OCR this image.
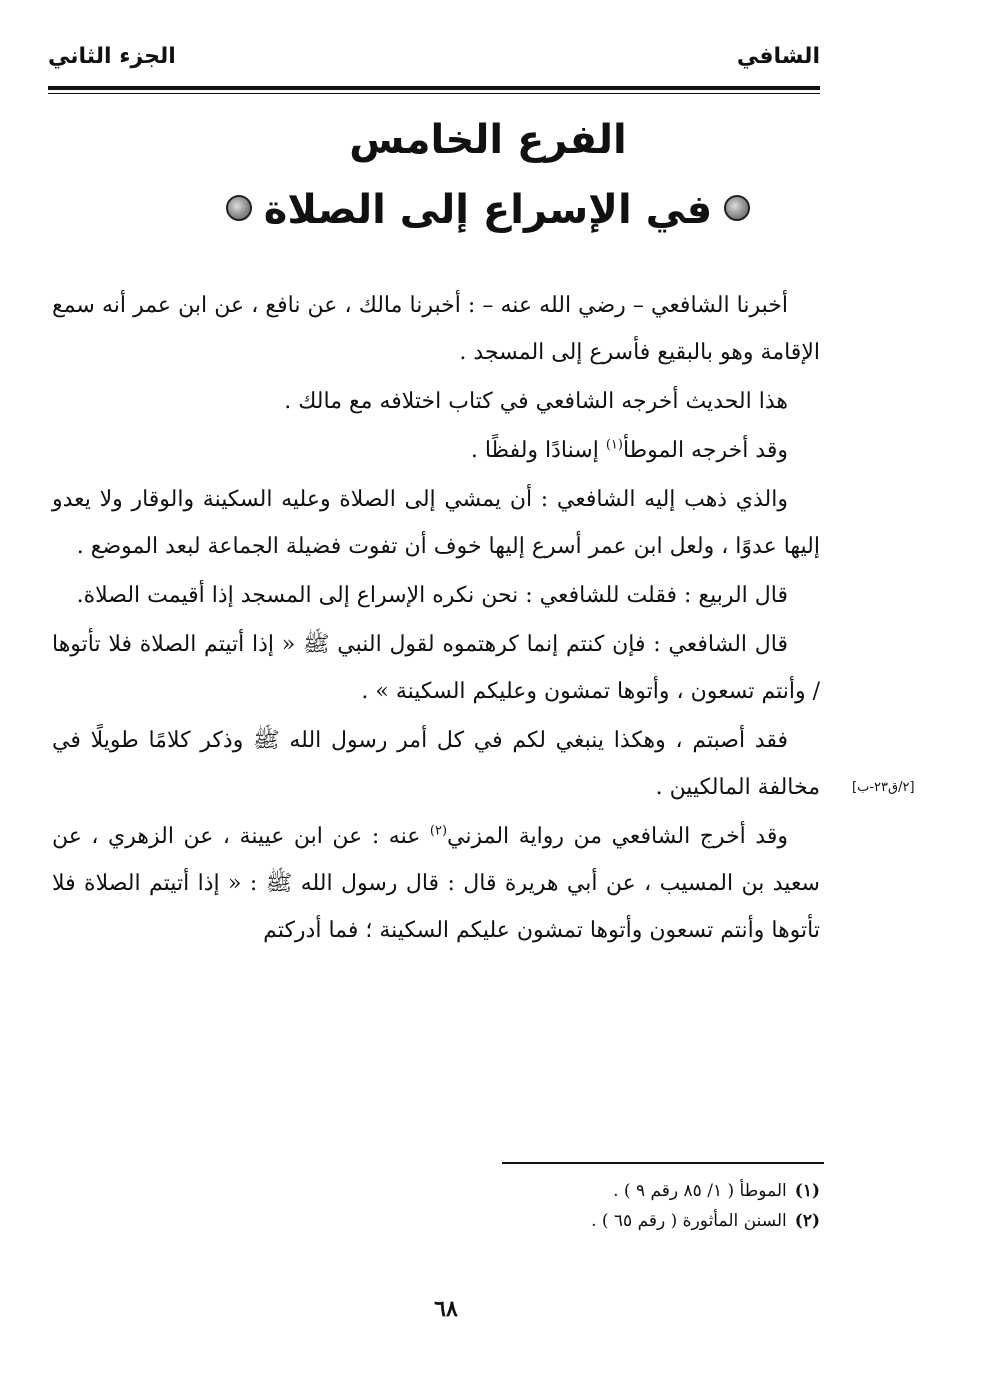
الشافي
الجزء الثاني
الفرع الخامس
في الإسراع إلى الصلاة

أخبرنا الشافعي – رضي الله عنه – : أخبرنا مالك ، عن نافع ، عن ابن عمر أنه سمع الإقامة وهو بالبقيع فأسرع إلى المسجد .

هذا الحديث أخرجه الشافعي في كتاب اختلافه مع مالك .

وقد أخرجه الموطأ$^{(١)}$ إسنادًا ولفظًا .

والذي ذهب إليه الشافعي : أن يمشي إلى الصلاة وعليه السكينة والوقار ولا يعدو إليها عدوًا ، ولعل ابن عمر أسرع إليها خوف أن تفوت فضيلة الجماعة لبعد الموضع .

قال الربيع : فقلت للشافعي : نحن نكره الإسراع إلى المسجد إذا أقيمت الصلاة.

قال الشافعي : فإن كنتم إنما كرهتموه لقول النبي ﷺ « إذا أتيتم الصلاة فلا تأتوها / وأنتم تسعون ، وأتوها تمشون وعليكم السكينة » .

فقد أصبتم ، وهكذا ينبغي لكم في كل أمر رسول الله ﷺ وذكر كلامًا طويلًا في مخالفة المالكيين .

وقد أخرج الشافعي من رواية المزني$^{(٢)}$ عنه : عن ابن عيينة ، عن الزهري ، عن سعيد بن المسيب ، عن أبي هريرة قال : قال رسول الله ﷺ : « إذا أتيتم الصلاة فلا تأتوها وأنتم تسعون وأتوها تمشون عليكم السكينة ؛ فما أدركتم

[٢/ق٢٣-ب]
(١)الموطأ ( ١/ ٨٥ رقم ٩ ) .
(٢)السنن المأثورة ( رقم ٦٥ ) .
٦٨
